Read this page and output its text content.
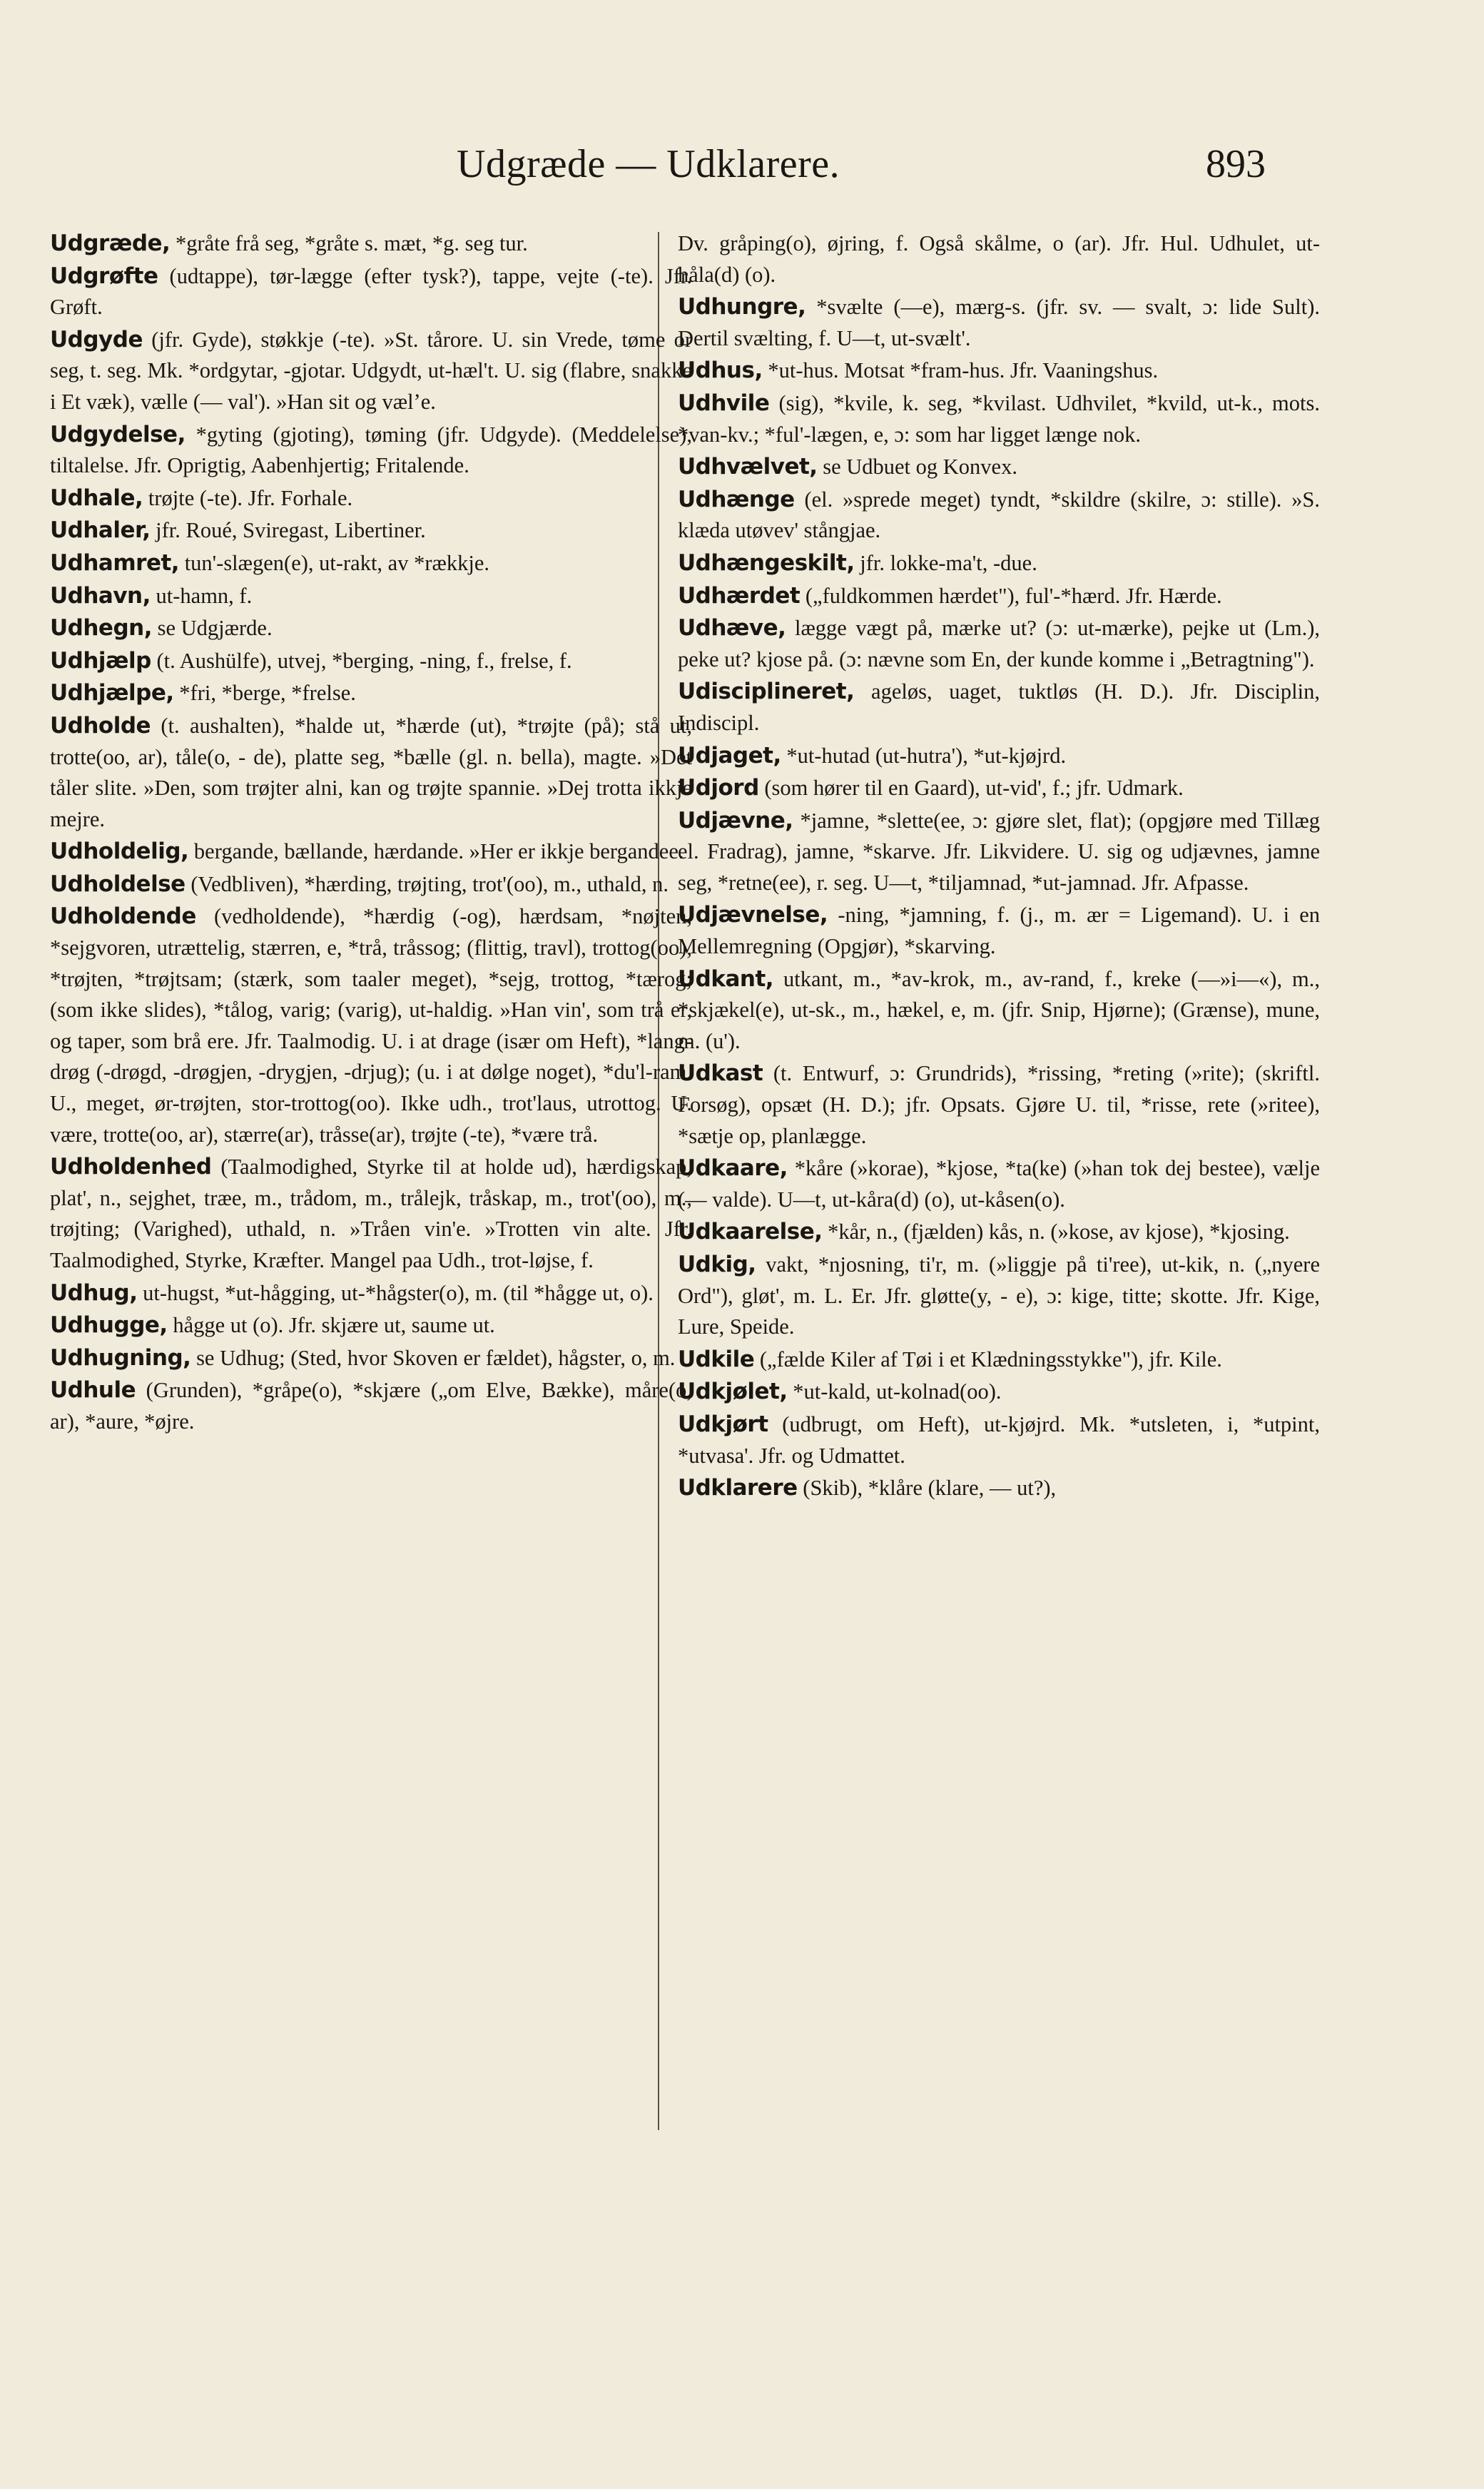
Udgræde — Udklarere.	893

Udgræde, *gråte frå seg, *gråte s. mæt, *g. seg tur.

Udgrøfte (udtappe), tør-lægge (efter tysk?), tappe, vejte (-te). Jfr. Grøft.

Udgyde (jfr. Gyde), støkkje (-te). »St. tårore. U. sin Vrede, tøme or seg, t. seg. Mk. *ordgytar, -gjotar. Udgydt, ut-hæl't. U. sig (flabre, snakke i Et væk), vælle (— val'). »Han sit og vælʼe.

Udgydelse, *gyting (gjoting), tøming (jfr. Udgyde). (Meddelelse), tiltalelse. Jfr. Oprigtig, Aabenhjertig; Fritalende.

Udhale, trøjte (-te). Jfr. Forhale.

Udhaler, jfr. Roué, Sviregast, Libertiner.

Udhamret, tun'-slægen(e), ut-rakt, av *rækkje.

Udhavn, ut-hamn, f.

Udhegn, se Udgjærde.

Udhjælp (t. Aushülfe), utvej, *berging, -ning, f., frelse, f.

Udhjælpe, *fri, *berge, *frelse.

Udholde (t. aushalten), *halde ut, *hærde (ut), *trøjte (på); stå ut, trotte(oo, ar), tåle(o, - de), platte seg, *bælle (gl. n. bella), magte. »Det tåler slite. »Den, som trøjter alni, kan og trøjte spannie. »Dej trotta ikkje mejre.

Udholdelig, bergande, bællande, hærdande. »Her er ikkje bergandee.

Udholdelse (Vedbliven), *hærding, trøjting, trot'(oo), m., uthald, n.

Udholdende (vedholdende), *hærdig (-og), hærdsam, *nøjten, *sejgvoren, utrættelig, stærren, e, *trå, tråssog; (flittig, travl), trottog(oo), *trøjten, *trøjtsam; (stærk, som taaler meget), *sejg, trottog, *tærog; (som ikke slides), *tålog, varig; (varig), ut-haldig. »Han vin', som trå er, og taper, som brå ere. Jfr. Taalmodig. U. i at drage (især om Heft), *lang-drøg (-drøgd, -drøgjen, -drygjen, -drjug); (u. i at dølge noget), *du'l-ram. U., meget, ør-trøjten, stor-trottog(oo). Ikke udh., trot'laus, utrottog. U. være, trotte(oo, ar), stærre(ar), tråsse(ar), trøjte (-te), *være trå.

Udholdenhed (Taalmodighed, Styrke til at holde ud), hærdigskap, plat', n., sejghet, træe, m., trådom, m., trålejk, tråskap, m., trot'(oo), m., trøjting; (Varighed), uthald, n. »Tråen vin'e. »Trotten vin alte. Jfr. Taalmodighed, Styrke, Kræfter. Mangel paa Udh., trot-løjse, f.

Udhug, ut-hugst, *ut-hågging, ut-*hågster(o), m. (til *hågge ut, o).

Udhugge, hågge ut (o). Jfr. skjære ut, saume ut.

Udhugning, se Udhug; (Sted, hvor Skoven er fældet), hågster, o, m.

Udhule (Grunden), *gråpe(o), *skjære („om Elve, Bække), måre(o, ar), *aure, *øjre.

Dv. gråping(o), øjring, f. Også skålme, o (ar). Jfr. Hul. Udhulet, ut-håla(d) (o).

Udhungre, *svælte (—e), mærg-s. (jfr. sv. — svalt, ɔ: lide Sult). Dertil svælting, f. U—t, ut-svælt'.

Udhus, *ut-hus. Motsat *fram-hus. Jfr. Vaaningshus.

Udhvile (sig), *kvile, k. seg, *kvilast. Udhvilet, *kvild, ut-k., mots. *van-kv.; *ful'-lægen, e, ɔ: som har ligget længe nok.

Udhvælvet, se Udbuet og Konvex.

Udhænge (el. »sprede meget) tyndt, *skildre (skilre, ɔ: stille). »S. klæda utøvev' stångjae.

Udhængeskilt, jfr. lokke-ma't, -due.

Udhærdet („fuldkommen hærdet"), ful'-*hærd. Jfr. Hærde.

Udhæve, lægge vægt på, mærke ut? (ɔ: ut-mærke), pejke ut (Lm.), peke ut? kjose på. (ɔ: nævne som En, der kunde komme i „Betragtning").

Udisciplineret, ageløs, uaget, tuktløs (H. D.). Jfr. Disciplin, Indiscipl.

Udjaget, *ut-hutad (ut-hutra'), *ut-kjøjrd.

Udjord (som hører til en Gaard), ut-vid', f.; jfr. Udmark.

Udjævne, *jamne, *slette(ee, ɔ: gjøre slet, flat); (opgjøre med Tillæg el. Fradrag), jamne, *skarve. Jfr. Likvidere. U. sig og udjævnes, jamne seg, *retne(ee), r. seg. U—t, *tiljamnad, *ut-jamnad. Jfr. Afpasse.

Udjævnelse, -ning, *jamning, f. (j., m. ær = Ligemand). U. i en Mellemregning (Opgjør), *skarving.

Udkant, utkant, m., *av-krok, m., av-rand, f., kreke (—»i—«), m., *skjækel(e), ut-sk., m., hækel, e, m. (jfr. Snip, Hjørne); (Grænse), mune, m. (u').

Udkast (t. Entwurf, ɔ: Grundrids), *rissing, *reting (»rite); (skriftl. Forsøg), opsæt (H. D.); jfr. Opsats. Gjøre U. til, *risse, rete (»ritee), *sætje op, planlægge.

Udkaare, *kåre (»korae), *kjose, *ta(ke) (»han tok dej bestee), vælje (— valde). U—t, ut-kåra(d) (o), ut-kåsen(o).

Udkaarelse, *kår, n., (fjælden) kås, n. (»kose, av kjose), *kjosing.

Udkig, vakt, *njosning, ti'r, m. (»liggje på ti'ree), ut-kik, n. („nyere Ord"), gløt', m. L. Er. Jfr. gløtte(y, - e), ɔ: kige, titte; skotte. Jfr. Kige, Lure, Speide.

Udkile („fælde Kiler af Tøi i et Klædningsstykke"), jfr. Kile.

Udkjølet, *ut-kald, ut-kolnad(oo).

Udkjørt (udbrugt, om Heft), ut-kjøjrd. Mk. *utsleten, i, *utpint, *utvasa'. Jfr. og Udmattet.

Udklarere (Skib), *klåre (klare, — ut?),
